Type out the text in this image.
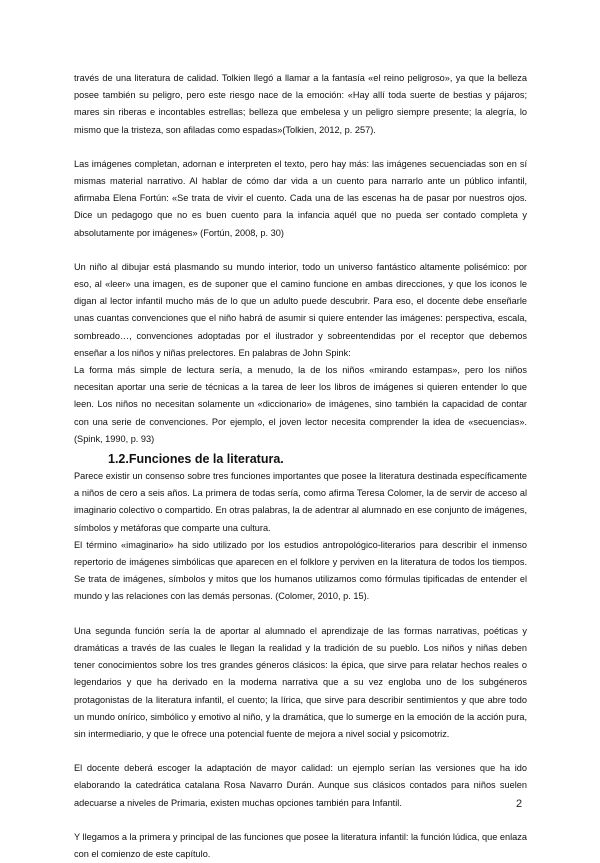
través de una literatura de calidad. Tolkien llegó a llamar a la fantasía «el reino peligroso», ya que la belleza posee también su peligro, pero este riesgo nace de la emoción: «Hay allí toda suerte de bestias y pájaros; mares sin riberas e incontables estrellas; belleza que embelesa y un peligro siempre presente; la alegría, lo mismo que la tristeza, son afiladas como espadas»(Tolkien, 2012, p. 257).

Las imágenes completan, adornan e interpreten el texto, pero hay más: las imágenes secuenciadas son en sí mismas material narrativo. Al hablar de cómo dar vida a un cuento para narrarlo ante un público infantil, afirmaba Elena Fortún: «Se trata de vivir el cuento. Cada una de las escenas ha de pasar por nuestros ojos. Dice un pedagogo que no es buen cuento para la infancia aquél que no pueda ser contado completa y absolutamente por imágenes» (Fortún, 2008, p. 30)

Un niño al dibujar está plasmando su mundo interior, todo un universo fantástico altamente polisémico: por eso, al «leer» una imagen, es de suponer que el camino funcione en ambas direcciones, y que los iconos le digan al lector infantil mucho más de lo que un adulto puede descubrir. Para eso, el docente debe enseñarle unas cuantas convenciones que el niño habrá de asumir si quiere entender las imágenes: perspectiva, escala, sombreado…, convenciones adoptadas por el ilustrador y sobreentendidas por el receptor que debemos enseñar a los niños y niñas prelectores. En palabras de John Spink:

La forma más simple de lectura sería, a menudo, la de los niños «mirando estampas», pero los niños necesitan aportar una serie de técnicas a la tarea de leer los libros de imágenes si quieren entender lo que leen. Los niños no necesitan solamente un «diccionario» de imágenes, sino también la capacidad de contar con una serie de convenciones. Por ejemplo, el joven lector necesita comprender la idea de «secuencias». (Spink, 1990, p. 93)

1.2.Funciones de la literatura.

Parece existir un consenso sobre tres funciones importantes que posee la literatura destinada específicamente a niños de cero a seis años. La primera de todas sería, como afirma Teresa Colomer, la de servir de acceso al imaginario colectivo o compartido. En otras palabras, la de adentrar al alumnado en ese conjunto de imágenes, símbolos y metáforas que comparte una cultura.

El término «imaginario» ha sido utilizado por los estudios antropológico-literarios para describir el inmenso repertorio de imágenes simbólicas que aparecen en el folklore y perviven en la literatura de todos los tiempos. Se trata de imágenes, símbolos y mitos que los humanos utilizamos como fórmulas tipificadas de entender el mundo y las relaciones con las demás personas. (Colomer, 2010, p. 15).

Una segunda función sería la de aportar al alumnado el aprendizaje de las formas narrativas, poéticas y dramáticas a través de las cuales le llegan la realidad y la tradición de su pueblo. Los niños y niñas deben tener conocimientos sobre los tres grandes géneros clásicos: la épica, que sirve para relatar hechos reales o legendarios y que ha derivado en la moderna narrativa que a su vez engloba uno de los subgéneros protagonistas de la literatura infantil, el cuento; la lírica, que sirve para describir sentimientos y que abre todo un mundo onírico, simbólico y emotivo al niño, y la dramática, que lo sumerge en la emoción de la acción pura, sin intermediario, y que le ofrece una potencial fuente de mejora a nivel social y psicomotriz.

El docente deberá escoger la adaptación de mayor calidad: un ejemplo serían las versiones que ha ido elaborando la catedrática catalana Rosa Navarro Durán. Aunque sus clásicos contados para niños suelen adecuarse a niveles de Primaria, existen muchas opciones también para Infantil.

Y llegamos a la primera y principal de las funciones que posee la literatura infantil: la función lúdica, que enlaza con el comienzo de este capítulo.

2
